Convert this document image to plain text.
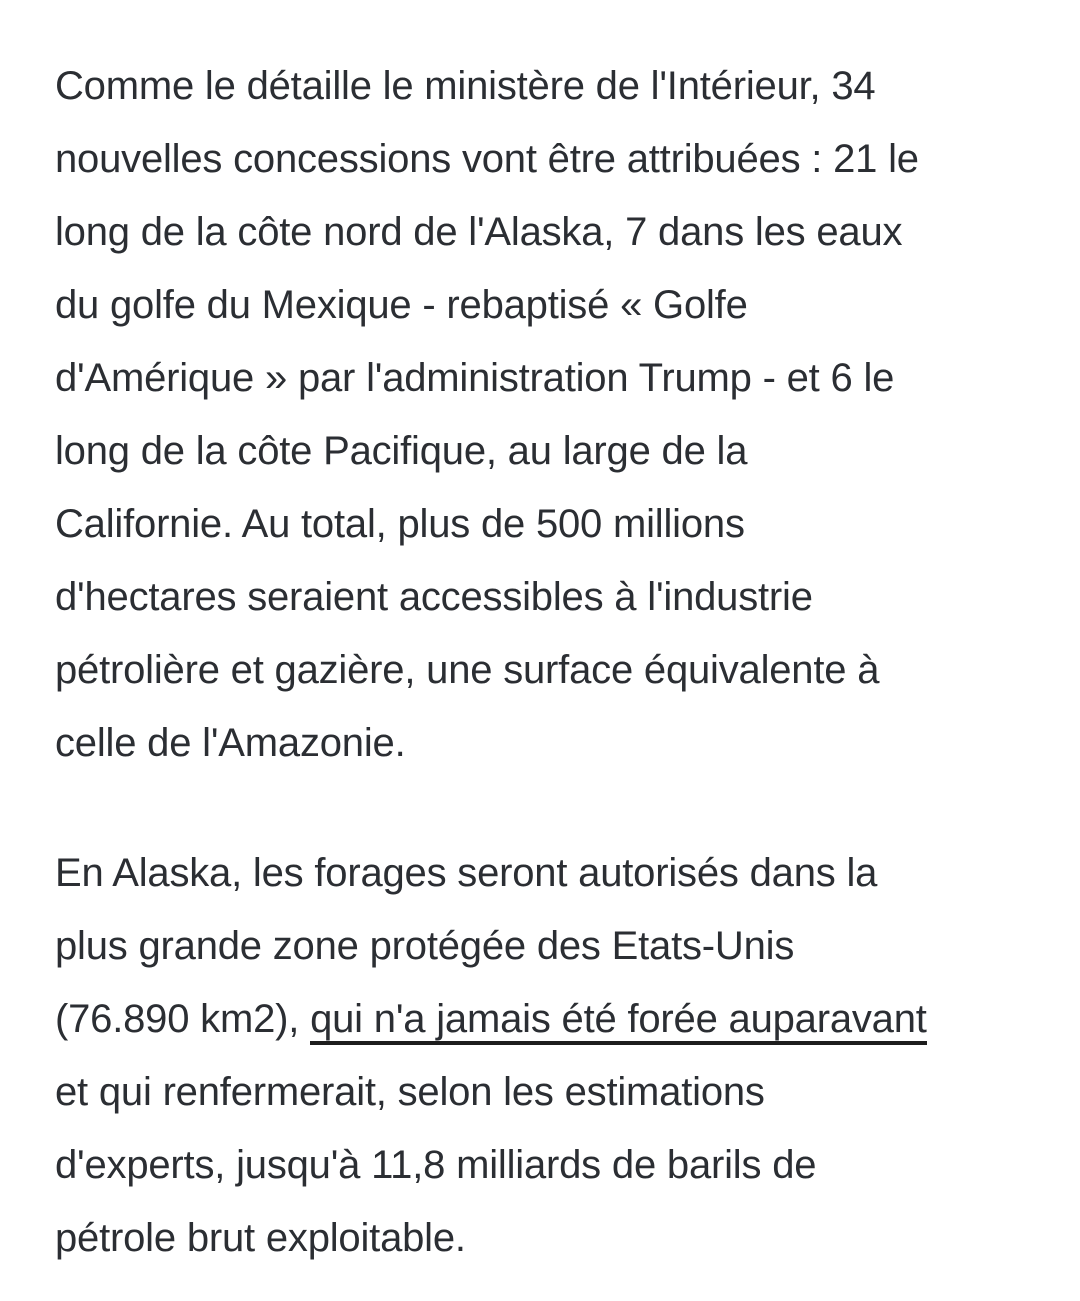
Comme le détaille le ministère de l'Intérieur, 34
nouvelles concessions vont être attribuées : 21 le
long de la côte nord de l'Alaska, 7 dans les eaux
du golfe du Mexique - rebaptisé « Golfe
d'Amérique » par l'administration Trump - et 6 le
long de la côte Pacifique, au large de la
Californie. Au total, plus de 500 millions
d'hectares seraient accessibles à l'industrie
pétrolière et gazière, une surface équivalente à
celle de l'Amazonie.
En Alaska, les forages seront autorisés dans la
plus grande zone protégée des Etats-Unis
(76.890 km2), qui n'a jamais été forée auparavant
et qui renfermerait, selon les estimations
d'experts, jusqu'à 11,8 milliards de barils de
pétrole brut exploitable.
